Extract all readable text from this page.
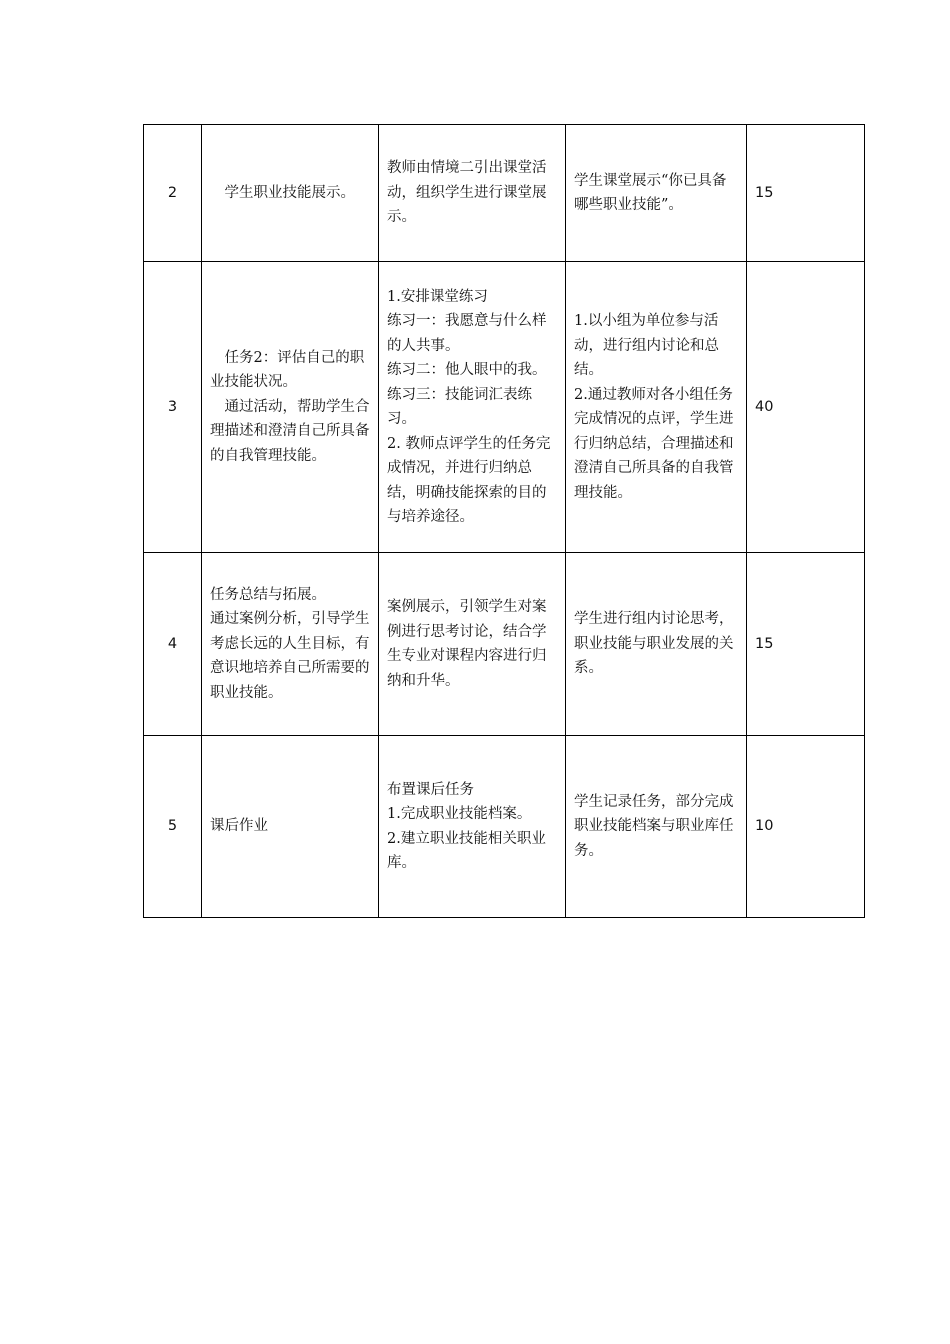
2	学生职业技能展示。	教师由情境二引出课堂活动，组织学生进行课堂展示。	学生课堂展示“你已具备哪些职业技能”。	15
3	任务2：评估自己的职业技能状况。
通过活动，帮助学生合理描述和澄清自己所具备的自我管理技能。	1.安排课堂练习
练习一：我愿意与什么样的人共事。
练习二：他人眼中的我。
练习三：技能词汇表练习。
2. 教师点评学生的任务完成情况，并进行归纳总结，明确技能探索的目的与培养途径。	1.以小组为单位参与活动，进行组内讨论和总结。
2.通过教师对各小组任务完成情况的点评，学生进行归纳总结，合理描述和澄清自己所具备的自我管理技能。	40
4	任务总结与拓展。
通过案例分析，引导学生考虑长远的人生目标，有意识地培养自己所需要的职业技能。	案例展示，引领学生对案例进行思考讨论，结合学生专业对课程内容进行归纳和升华。	学生进行组内讨论思考，职业技能与职业发展的关系。	15
5	课后作业	布置课后任务
1.完成职业技能档案。
2.建立职业技能相关职业库。	学生记录任务，部分完成职业技能档案与职业库任务。	10
